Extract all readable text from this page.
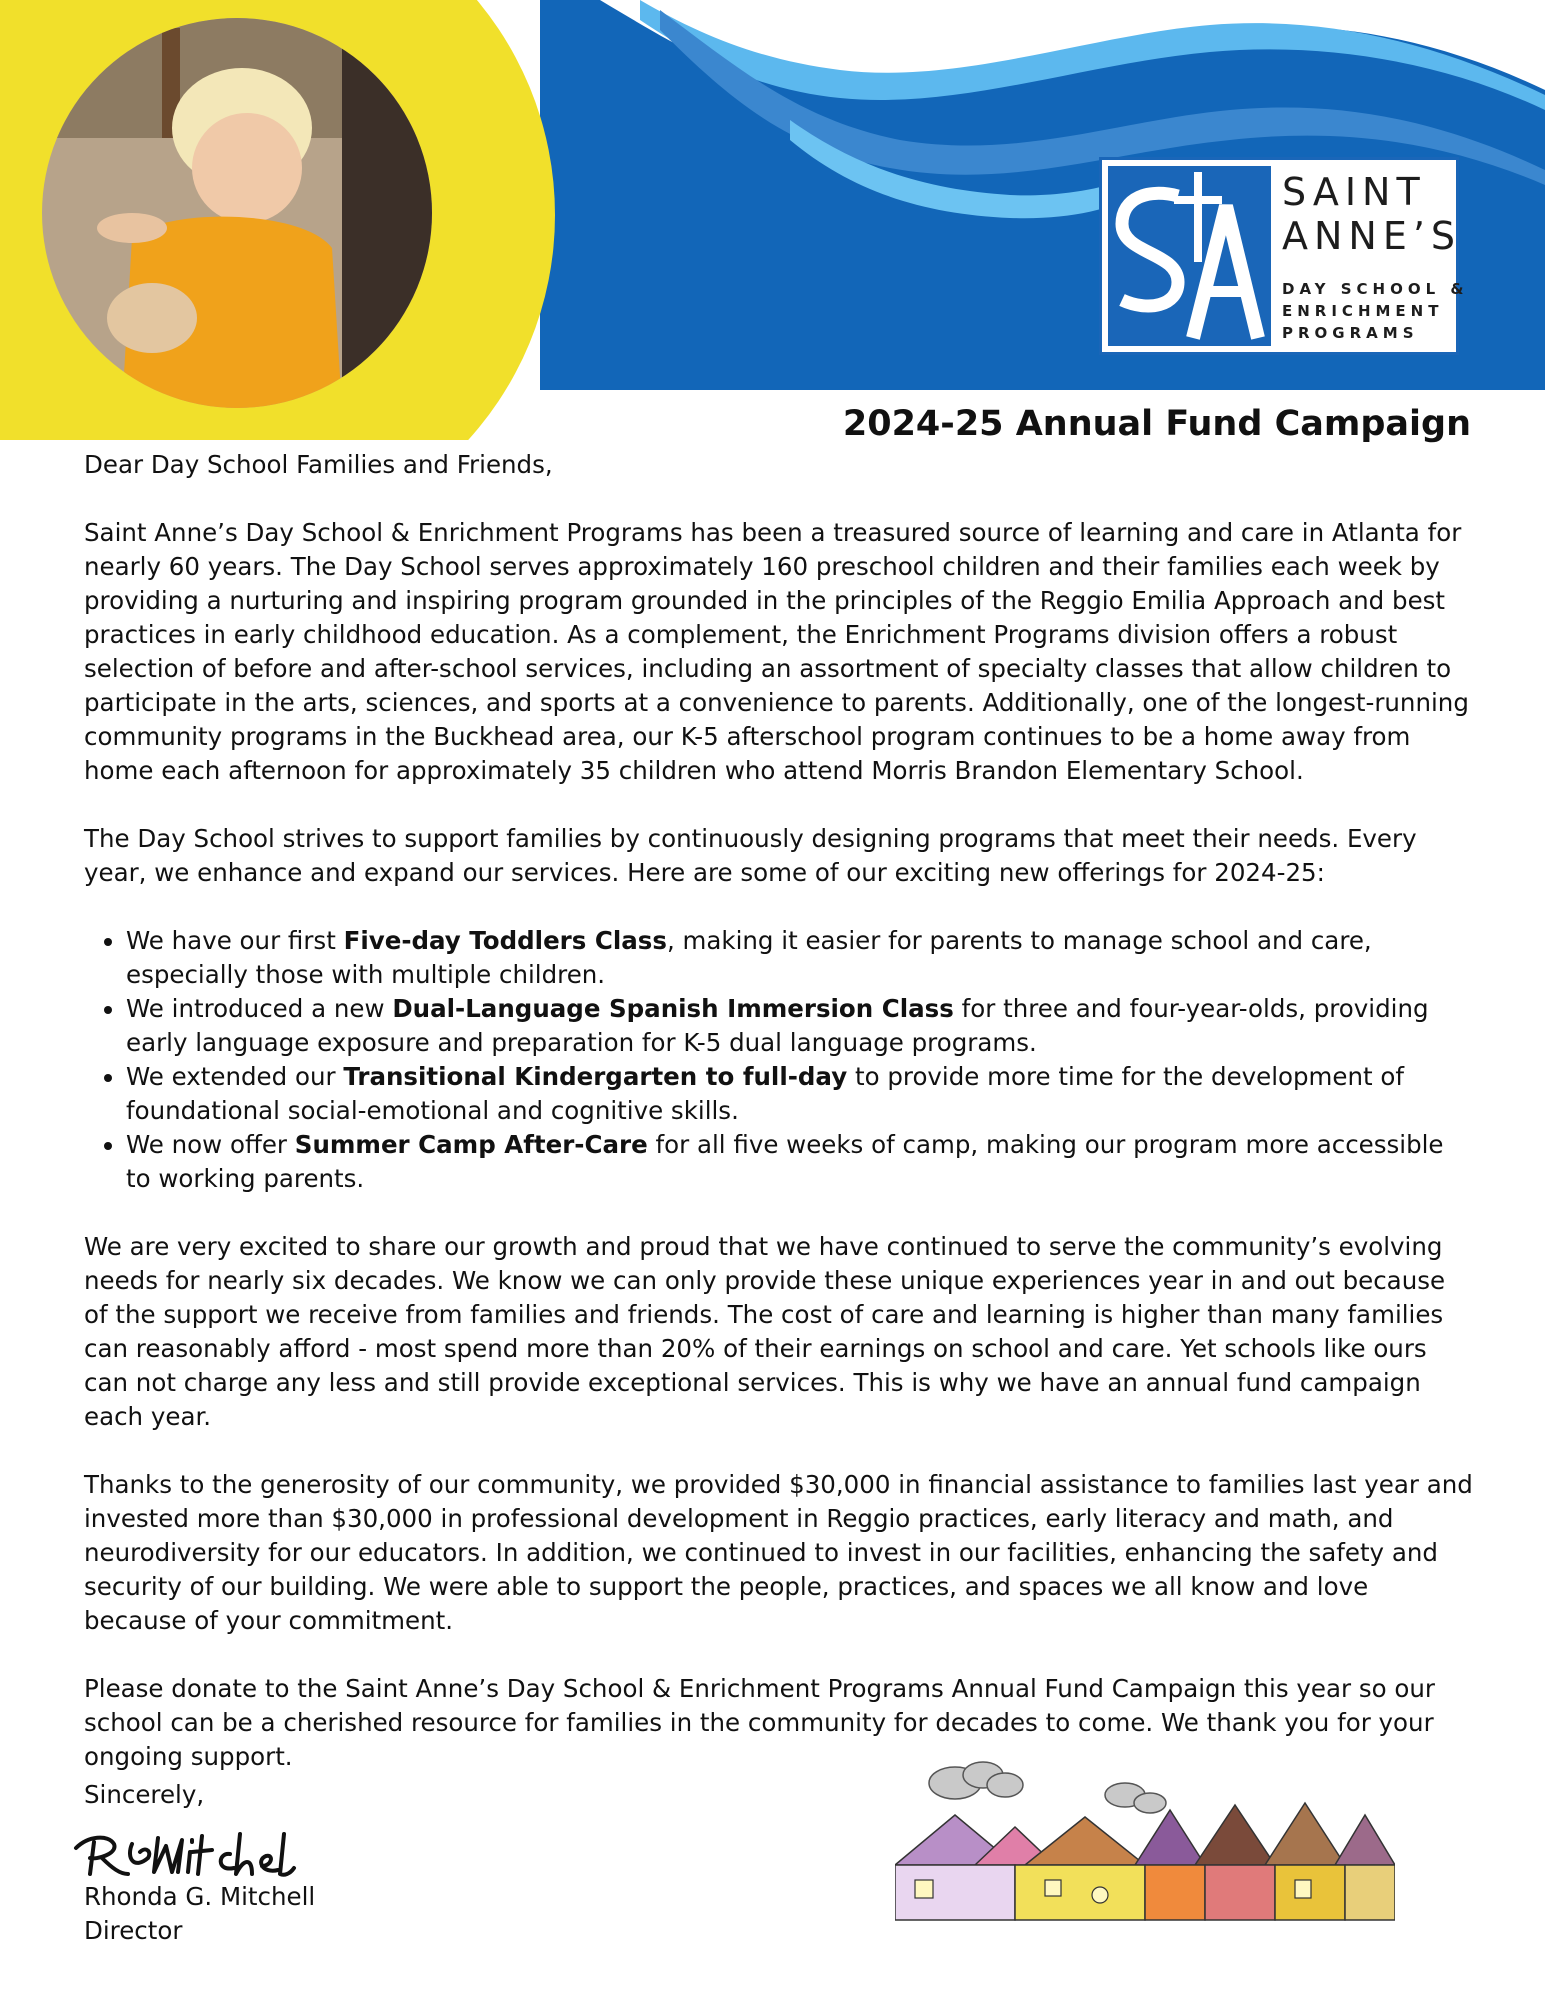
SAINT
ANNE’S
DAY SCHOOL &
ENRICHMENT
PROGRAMS
2024-25 Annual Fund Campaign

Dear Day School Families and Friends,

Saint Anne’s Day School & Enrichment Programs has been a treasured source of learning and care in Atlanta for nearly 60 years. The Day School serves approximately 160 preschool children and their families each week by providing a nurturing and inspiring program grounded in the principles of the Reggio Emilia Approach and best practices in early childhood education. As a complement, the Enrichment Programs division offers a robust selection of before and after-school services, including an assortment of specialty classes that allow children to participate in the arts, sciences, and sports at a convenience to parents. Additionally, one of the longest-running community programs in the Buckhead area, our K-5 afterschool program continues to be a home away from home each afternoon for approximately 35 children who attend Morris Brandon Elementary School.

The Day School strives to support families by continuously designing programs that meet their needs. Every year, we enhance and expand our services. Here are some of our exciting new offerings for 2024-25:

• We have our first Five-day Toddlers Class, making it easier for parents to manage school and care, especially those with multiple children.
• We introduced a new Dual-Language Spanish Immersion Class for three and four-year-olds, providing early language exposure and preparation for K-5 dual language programs.
• We extended our Transitional Kindergarten to full-day to provide more time for the development of foundational social-emotional and cognitive skills.
• We now offer Summer Camp After-Care for all five weeks of camp, making our program more accessible to working parents.

We are very excited to share our growth and proud that we have continued to serve the community’s evolving needs for nearly six decades. We know we can only provide these unique experiences year in and out because of the support we receive from families and friends. The cost of care and learning is higher than many families can reasonably afford - most spend more than 20% of their earnings on school and care. Yet schools like ours can not charge any less and still provide exceptional services. This is why we have an annual fund campaign each year.

Thanks to the generosity of our community, we provided $30,000 in financial assistance to families last year and invested more than $30,000 in professional development in Reggio practices, early literacy and math, and neurodiversity for our educators. In addition, we continued to invest in our facilities, enhancing the safety and security of our building. We were able to support the people, practices, and spaces we all know and love because of your commitment.

Please donate to the Saint Anne’s Day School & Enrichment Programs Annual Fund Campaign this year so our school can be a cherished resource for families in the community for decades to come. We thank you for your ongoing support.

Sincerely,
Rhonda G. Mitchell
Director
